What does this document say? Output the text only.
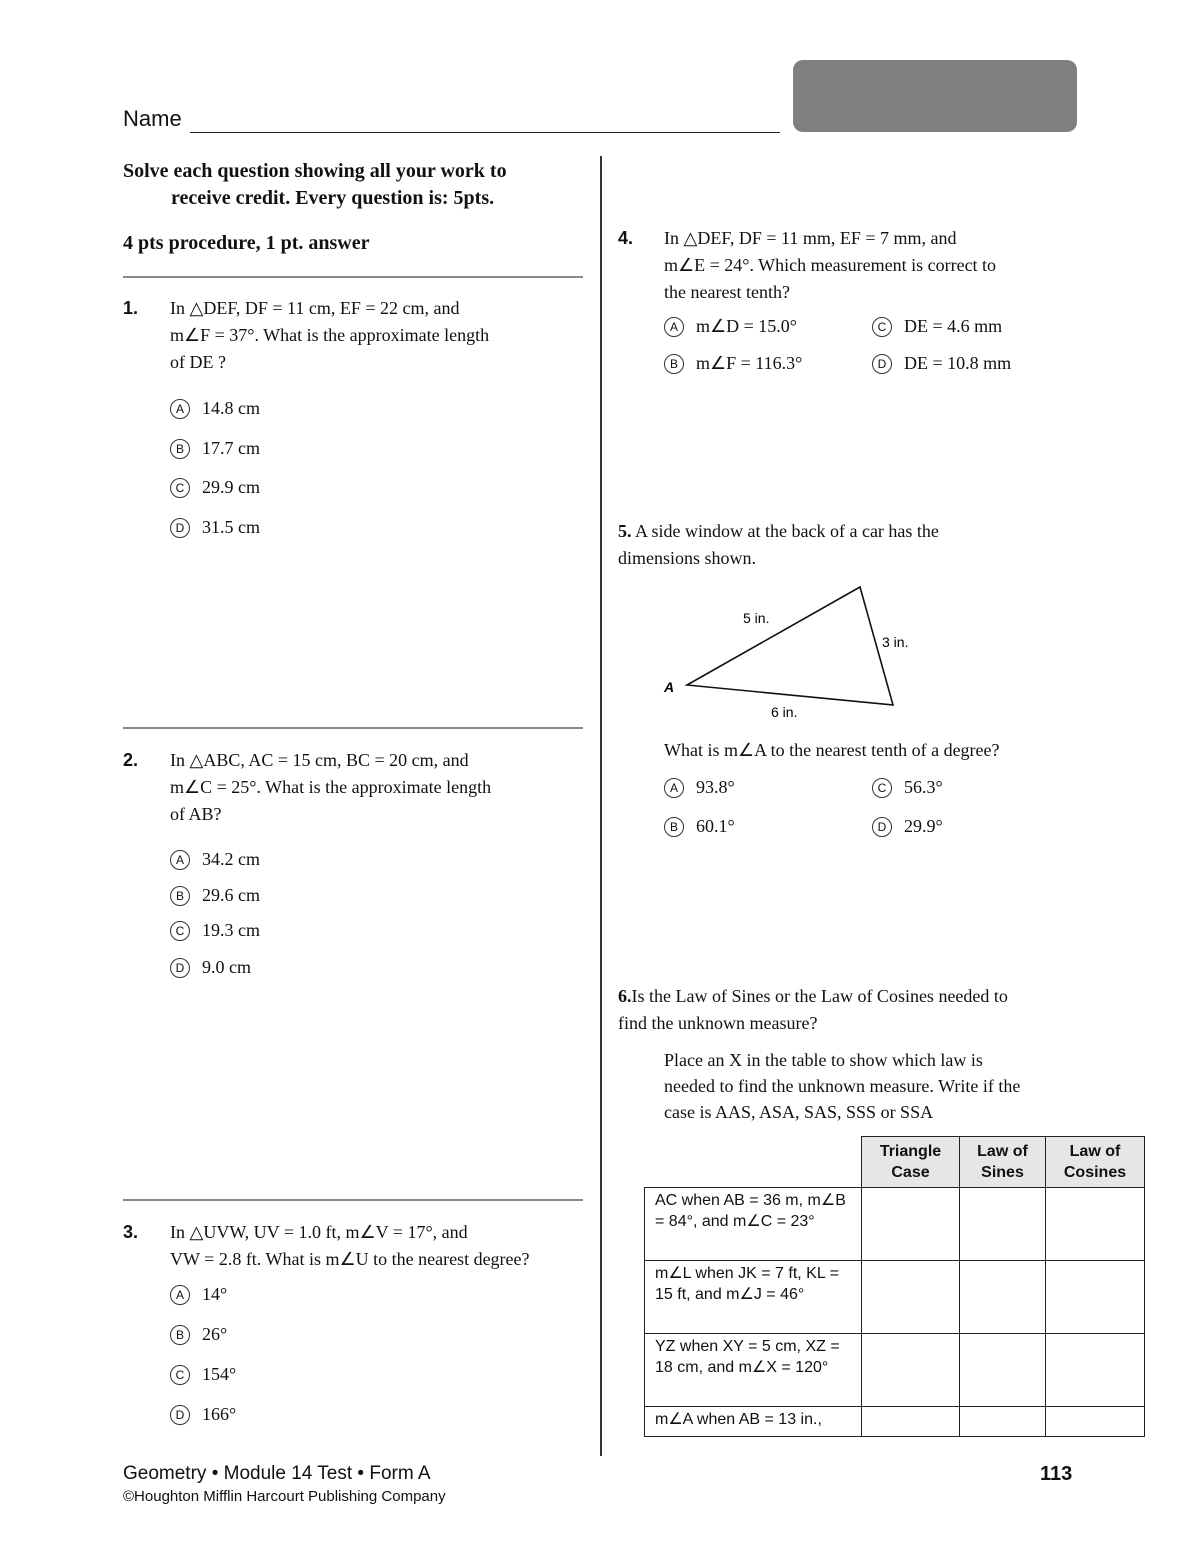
Name
Solve each question showing all your work to
receive credit. Every question is: 5pts.
4 pts procedure, 1 pt. answer
1. In △DEF, DF = 11 cm, EF = 22 cm, and
m∠F = 37°. What is the approximate length
of DE ?
A	14.8 cm
B	17.7 cm
C 29.9 cm
D 31.5 cm
2. In △ABC, AC = 15 cm, BC = 20 cm, and
m∠C = 25°. What is the approximate length
of AB?
A	34.2 cm
B	29.6 cm
C 19.3 cm
D 9.0 cm
3. In △UVW, UV = 1.0 ft, m∠V = 17°, and
VW = 2.8 ft. What is m∠U to the nearest degree?
A	14°
B	26°
C 154°
D 166°
4. In △DEF, DF = 11 mm, EF = 7 mm, and
m∠E = 24°. Which measurement is correct to
the nearest tenth?
A	m∠D = 15.0°	C DE = 4.6 mm
B	m∠F = 116.3°	D DE = 10.8 mm
5. A side window at the back of a car has the
dimensions shown.
5 in.
3 in.
6 in.
A
What is m∠A to the nearest tenth of a degree?
A	93.8°	C 56.3°
B	60.1°	D 29.9°
6.Is the Law of Sines or the Law of Cosines needed to
find the unknown measure?
Place an X in the table to show which law is
needed to find the unknown measure. Write if the
case is AAS, ASA, SAS, SSS or SSA
	Triangle Case	Law of Sines	Law of Cosines
AC when AB = 36 m, m∠B = 84°, and m∠C = 23°			
m∠L when JK = 7 ft, KL = 15 ft, and m∠J = 46°			
YZ when XY = 5 cm, XZ = 18 cm, and m∠X = 120°			
m∠A when AB = 13 in.,			
Geometry • Module 14 Test • Form A
©Houghton Mifflin Harcourt Publishing Company
113
